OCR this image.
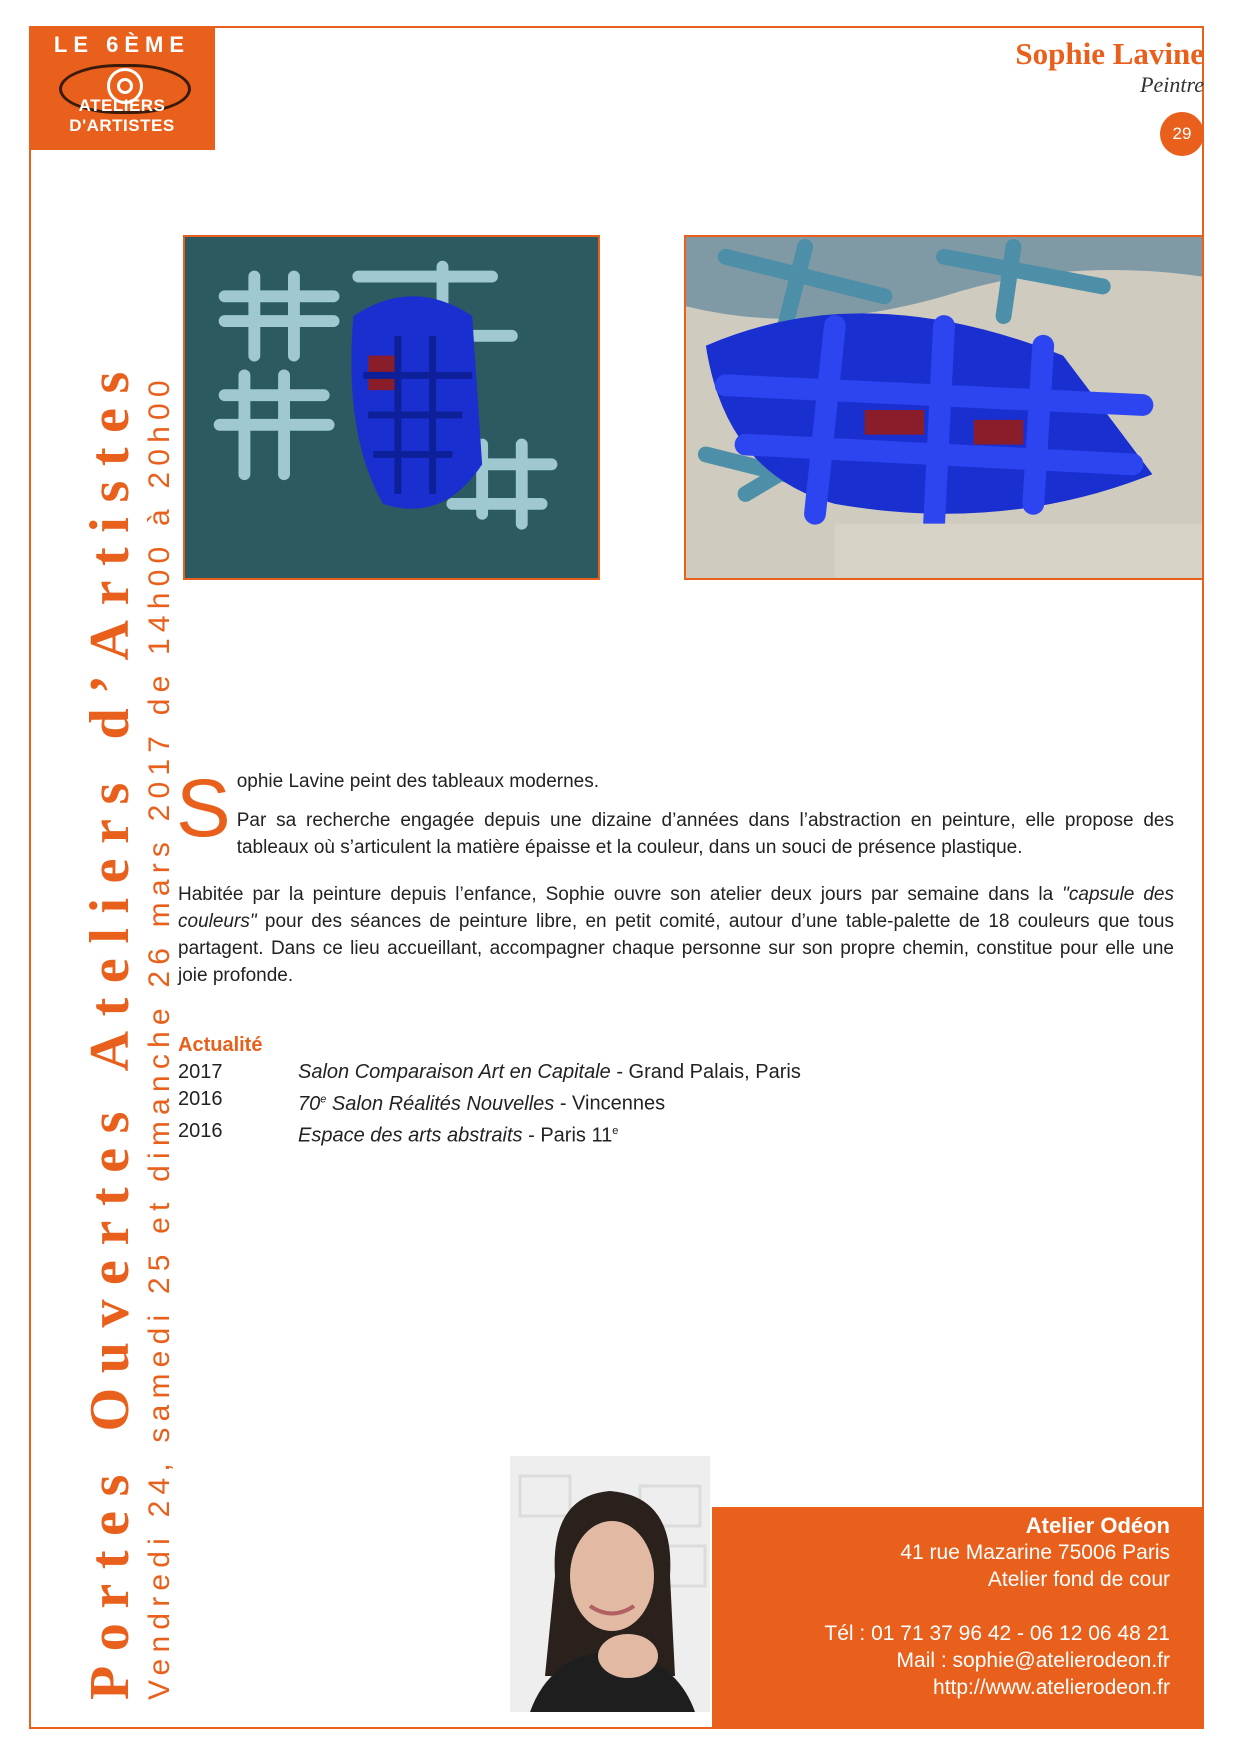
LE 6ÈME
ATELIERS D'ARTISTES
Sophie Lavine
Peintre
29
Portes Ouvertes Ateliers d’Artistes Vendredi 24, samedi 25 et dimanche 26 mars 2017 de 14h00 à 20h00 Sophie Lavine peint des tableaux modernes.

Par sa recherche engagée depuis une dizaine d’années dans l’abstraction en peinture, elle propose des tableaux où s’articulent la matière épaisse et la couleur, dans un souci de présence plastique.

Habitée par la peinture depuis l’enfance, Sophie ouvre son atelier deux jours par semaine dans la "capsule des couleurs" pour des séances de peinture libre, en petit comité, autour d’une table-palette de 18 couleurs que tous partagent. Dans ce lieu accueillant, accompagner chaque personne sur son propre chemin, constitue pour elle une joie profonde.

Actualité
2017	Salon Comparaison Art en Capitale - Grand Palais, Paris
2016	70e Salon Réalités Nouvelles - Vincennes
2016	Espace des arts abstraits - Paris 11e
Atelier Odéon
41 rue Mazarine 75006 Paris
Atelier fond de cour
Tél : 01 71 37 96 42 - 06 12 06 48 21
Mail : sophie@atelierodeon.fr
http://www.atelierodeon.fr
